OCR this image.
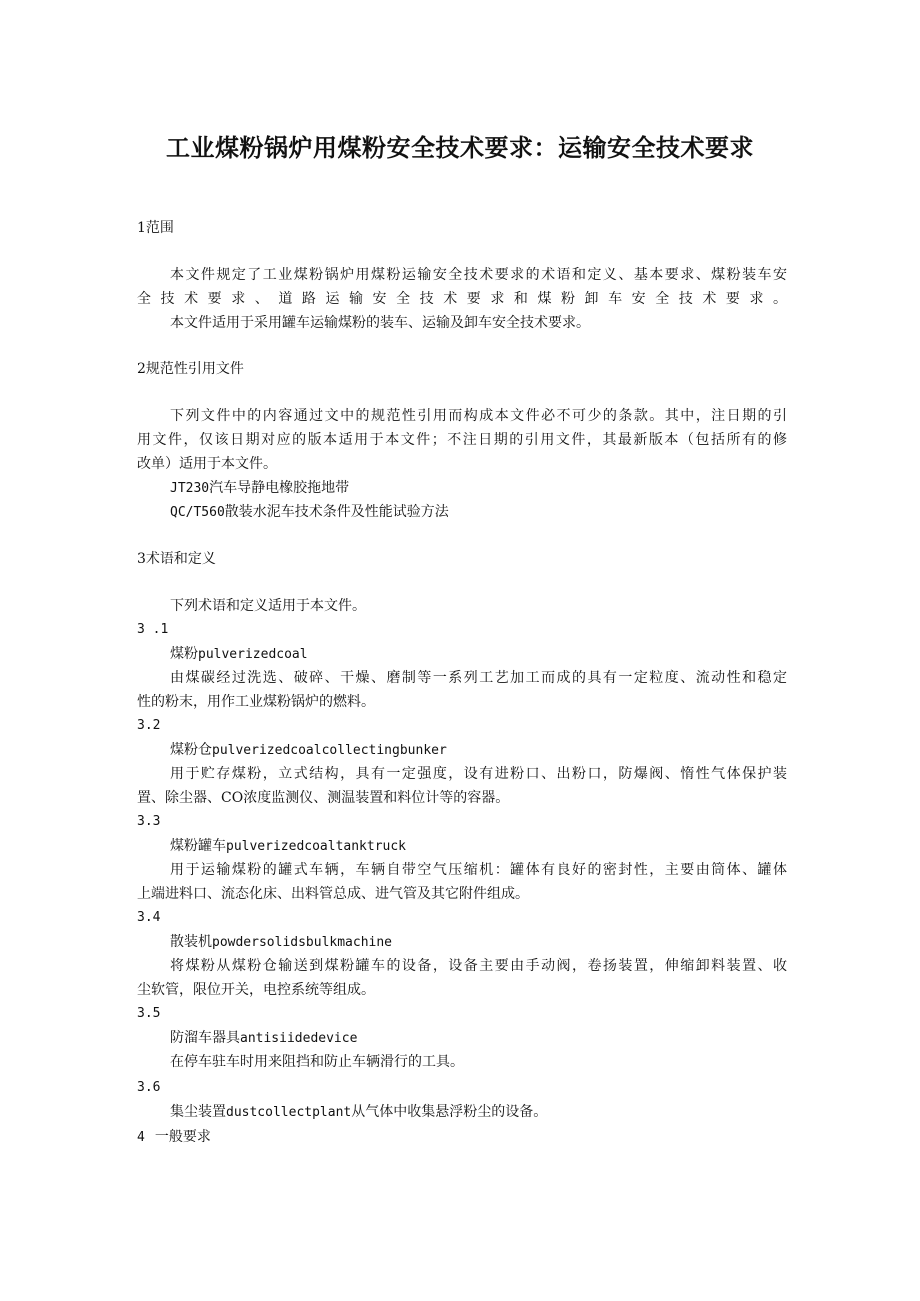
工业煤粉锅炉用煤粉安全技术要求：运输安全技术要求
1范围
本文件规定了工业煤粉锅炉用煤粉运输安全技术要求的术语和定义、基本要求、煤粉装车安
全技术要求、道路运输安全技术要求和煤粉卸车安全技术要求。
本文件适用于采用罐车运输煤粉的装车、运输及卸车安全技术要求。
2规范性引用文件
下列文件中的内容通过文中的规范性引用而构成本文件必不可少的条款。其中，注日期的引
用文件，仅该日期对应的版本适用于本文件；不注日期的引用文件，其最新版本（包括所有的修
改单）适用于本文件。
JT230汽车导静电橡胶拖地带
QC/T560散装水泥车技术条件及性能试验方法
3术语和定义
下列术语和定义适用于本文件。
3 .1
煤粉pulverizedcoal
由煤碳经过洗选、破碎、干燥、磨制等一系列工艺加工而成的具有一定粒度、流动性和稳定
性的粉末，用作工业煤粉锅炉的燃料。
3.2
煤粉仓pulverizedcoalcollectingbunker
用于贮存煤粉，立式结构，具有一定强度，设有进粉口、出粉口，防爆阀、惰性气体保护装
置、除尘器、CO浓度监测仪、测温装置和料位计等的容器。
3.3
煤粉罐车pulverizedcoaltanktruck
用于运输煤粉的罐式车辆，车辆自带空气压缩机：罐体有良好的密封性，主要由筒体、罐体
上端进料口、流态化床、出料管总成、进气管及其它附件组成。
3.4
散装机powdersolidsbulkmachine
将煤粉从煤粉仓输送到煤粉罐车的设备，设备主要由手动阀，卷扬装置，伸缩卸料装置、收
尘软管，限位开关，电控系统等组成。
3.5
防溜车器具antisiidedevice
在停车驻车时用来阻挡和防止车辆滑行的工具。
3.6
集尘装置dustcollectplant从气体中收集悬浮粉尘的设备。
4 一般要求
